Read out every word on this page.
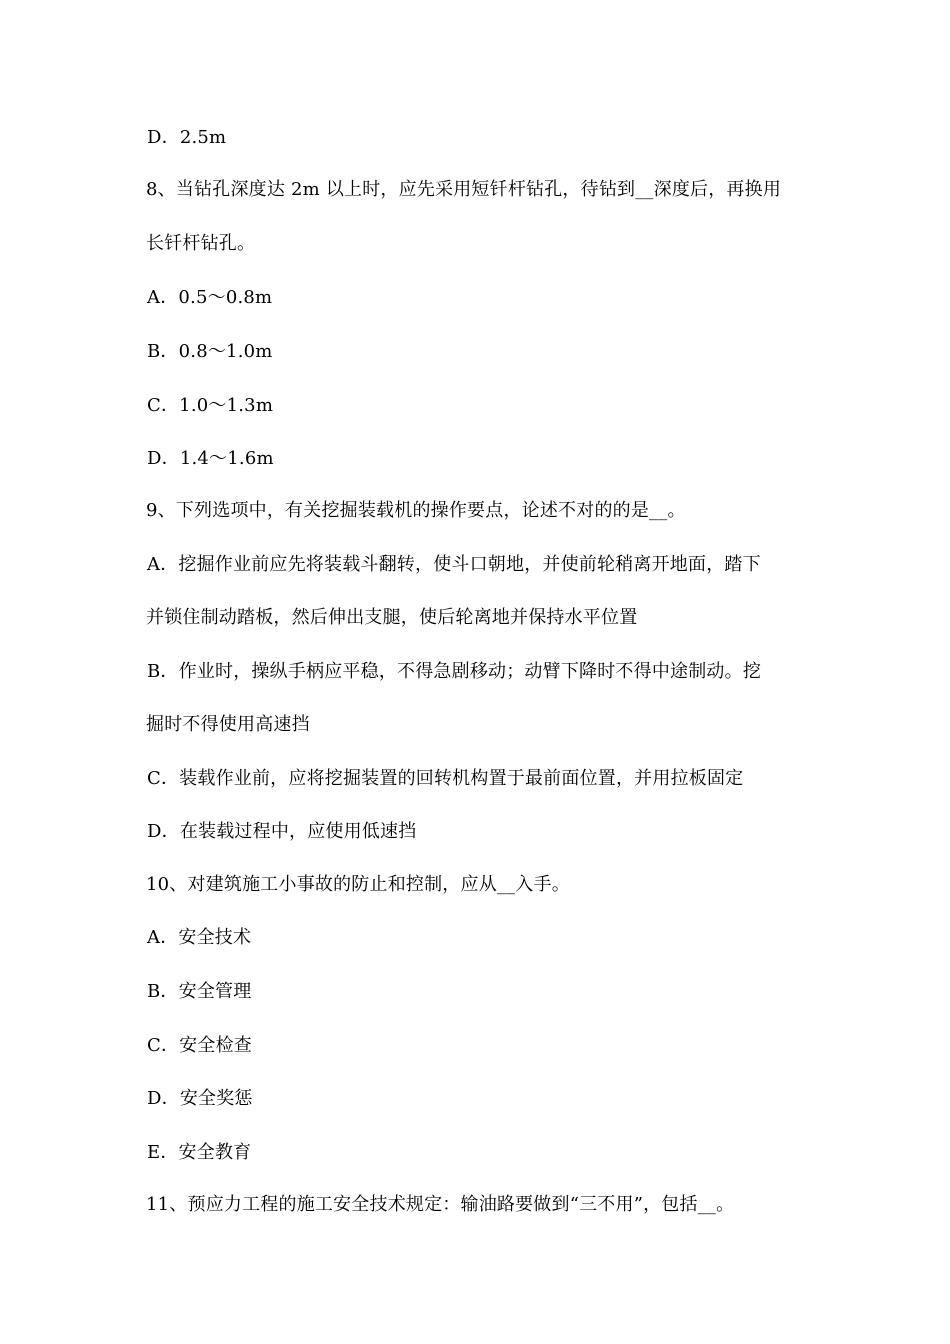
D．2.5m
8、当钻孔深度达 2m 以上时，应先采用短钎杆钻孔，待钻到__深度后，再换用
长钎杆钻孔。
A．0.5～0.8m
B．0.8～1.0m
C．1.0～1.3m
D．1.4～1.6m
9、下列选项中，有关挖掘装载机的操作要点，论述不对的的是__。
A．挖掘作业前应先将装载斗翻转，使斗口朝地，并使前轮稍离开地面，踏下
并锁住制动踏板，然后伸出支腿，使后轮离地并保持水平位置
B．作业时，操纵手柄应平稳，不得急剧移动；动臂下降时不得中途制动。挖
掘时不得使用高速挡
C．装载作业前，应将挖掘装置的回转机构置于最前面位置，并用拉板固定
D．在装载过程中，应使用低速挡
10、对建筑施工小事故的防止和控制，应从__入手。
A．安全技术
B．安全管理
C．安全检查
D．安全奖惩
E．安全教育
11、预应力工程的施工安全技术规定：输油路要做到“三不用”，包括__。
